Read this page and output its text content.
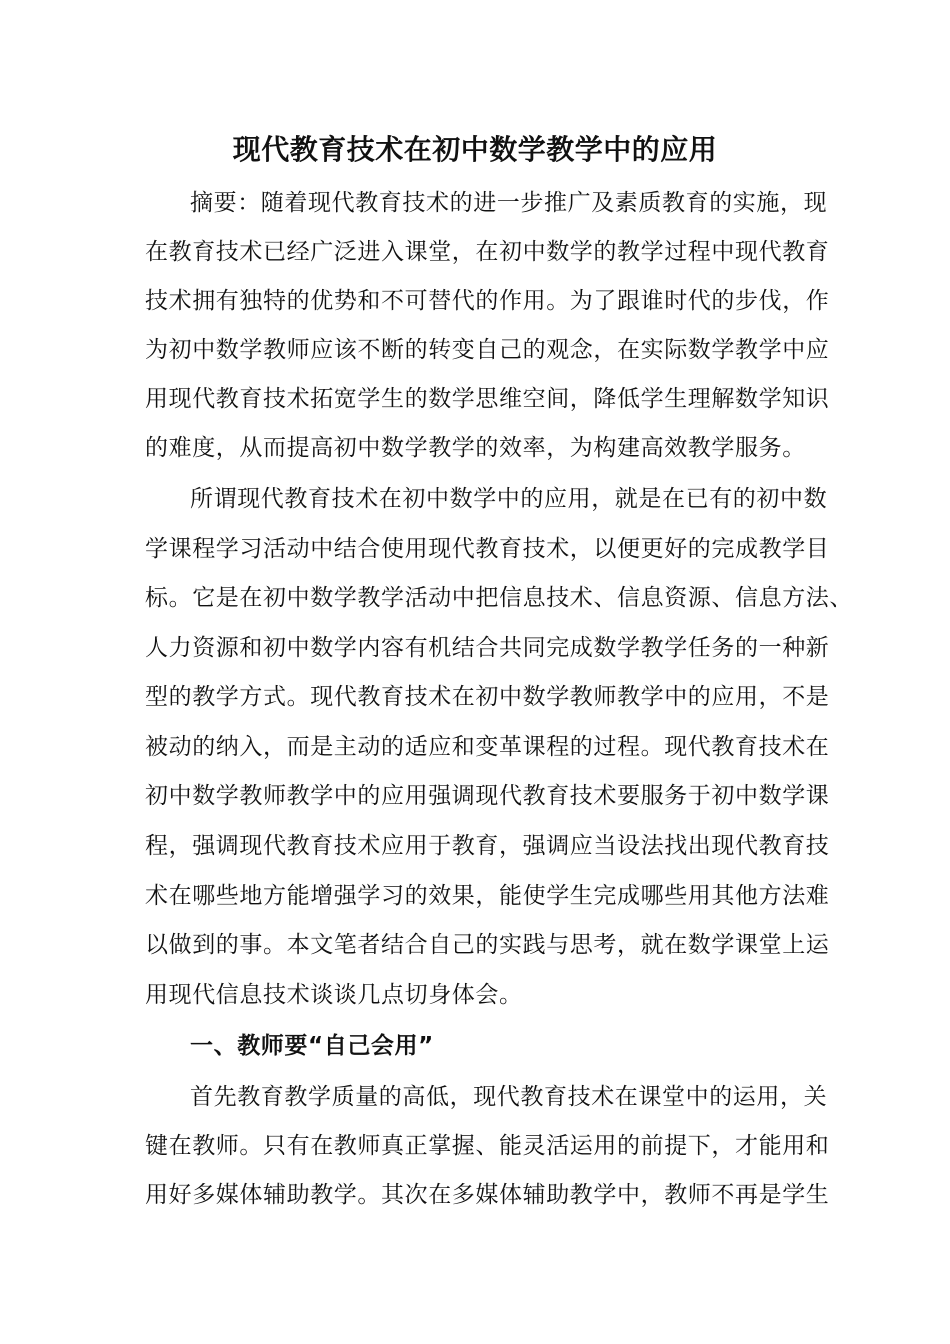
现代教育技术在初中数学教学中的应用
摘要：随着现代教育技术的进一步推广及素质教育的实施，现
在教育技术已经广泛进入课堂，在初中数学的教学过程中现代教育
技术拥有独特的优势和不可替代的作用。为了跟谁时代的步伐，作
为初中数学教师应该不断的转变自己的观念，在实际数学教学中应
用现代教育技术拓宽学生的数学思维空间，降低学生理解数学知识
的难度，从而提高初中数学教学的效率，为构建高效教学服务。
所谓现代教育技术在初中数学中的应用，就是在已有的初中数
学课程学习活动中结合使用现代教育技术，以便更好的完成教学目
标。它是在初中数学教学活动中把信息技术、信息资源、信息方法、
人力资源和初中数学内容有机结合共同完成数学教学任务的一种新
型的教学方式。现代教育技术在初中数学教师教学中的应用，不是
被动的纳入，而是主动的适应和变革课程的过程。现代教育技术在
初中数学教师教学中的应用强调现代教育技术要服务于初中数学课
程，强调现代教育技术应用于教育，强调应当设法找出现代教育技
术在哪些地方能增强学习的效果，能使学生完成哪些用其他方法难
以做到的事。本文笔者结合自己的实践与思考，就在数学课堂上运
用现代信息技术谈谈几点切身体会。
一、教师要“自己会用”
首先教育教学质量的高低，现代教育技术在课堂中的运用，关
键在教师。只有在教师真正掌握、能灵活运用的前提下，才能用和
用好多媒体辅助教学。其次在多媒体辅助教学中，教师不再是学生
